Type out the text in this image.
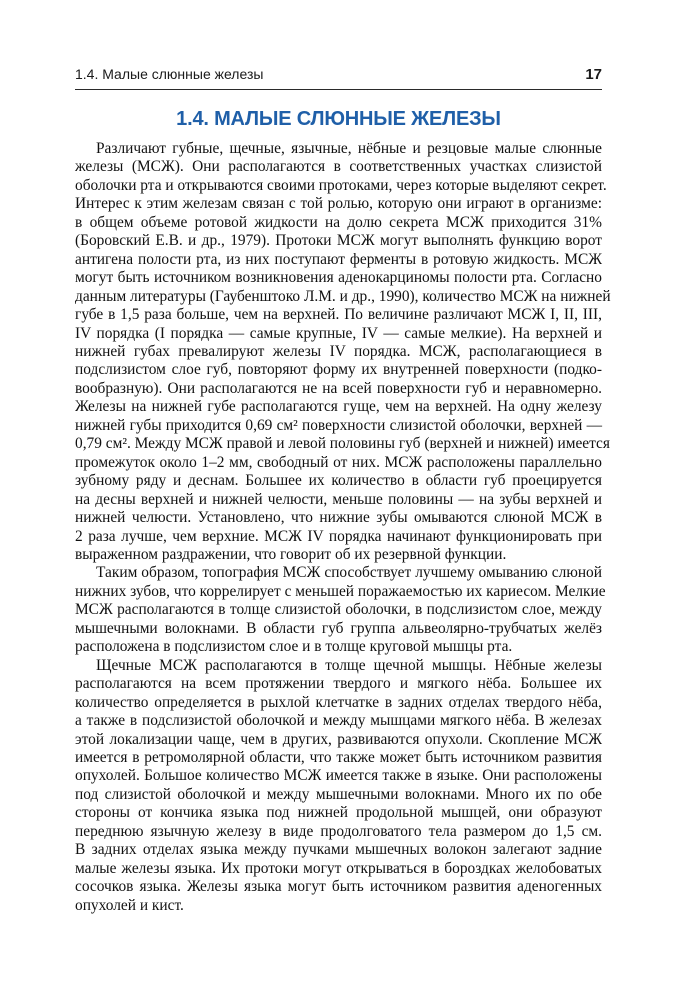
1.4. Малые слюнные железы	17
1.4. МАЛЫЕ СЛЮННЫЕ ЖЕЛЕЗЫ
Различают губные, щечные, язычные, нёбные и резцовые малые слюнные
железы (МСЖ). Они располагаются в соответственных участках слизистой
оболочки рта и открываются своими протоками, через которые выделяют секрет.
Интерес к этим железам связан с той ролью, которую они играют в организме:
в общем объеме ротовой жидкости на долю секрета МСЖ приходится 31%
(Боровский Е.В. и др., 1979). Протоки МСЖ могут выполнять функцию ворот
антигена полости рта, из них поступают ферменты в ротовую жидкость. МСЖ
могут быть источником возникновения аденокарциномы полости рта. Согласно
данным литературы (Гаубенштоко Л.М. и др., 1990), количество МСЖ на нижней
губе в 1,5 раза больше, чем на верхней. По величине различают МСЖ I, II, III,
IV порядка (I порядка — самые крупные, IV — самые мелкие). На верхней и
нижней губах превалируют железы IV порядка. МСЖ, располагающиеся в
подслизистом слое губ, повторяют форму их внутренней поверхности (подко-
вообразную). Они располагаются не на всей поверхности губ и неравномерно.
Железы на нижней губе располагаются гуще, чем на верхней. На одну железу
нижней губы приходится 0,69 см² поверхности слизистой оболочки, верхней —
0,79 см². Между МСЖ правой и левой половины губ (верхней и нижней) имеется
промежуток около 1–2 мм, свободный от них. МСЖ расположены параллельно
зубному ряду и деснам. Большее их количество в области губ проецируется
на десны верхней и нижней челюсти, меньше половины — на зубы верхней и
нижней челюсти. Установлено, что нижние зубы омываются слюной МСЖ в
2 раза лучше, чем верхние. МСЖ IV порядка начинают функционировать при
выраженном раздражении, что говорит об их резервной функции.
Таким образом, топография МСЖ способствует лучшему омыванию слюной
нижних зубов, что коррелирует с меньшей поражаемостью их кариесом. Мелкие
МСЖ располагаются в толще слизистой оболочки, в подслизистом слое, между
мышечными волокнами. В области губ группа альвеолярно-трубчатых желёз
расположена в подслизистом слое и в толще круговой мышцы рта.
Щечные МСЖ располагаются в толще щечной мышцы. Нёбные железы
располагаются на всем протяжении твердого и мягкого нёба. Большее их
количество определяется в рыхлой клетчатке в задних отделах твердого нёба,
а также в подслизистой оболочкой и между мышцами мягкого нёба. В железах
этой локализации чаще, чем в других, развиваются опухоли. Скопление МСЖ
имеется в ретромолярной области, что также может быть источником развития
опухолей. Большое количество МСЖ имеется также в языке. Они расположены
под слизистой оболочкой и между мышечными волокнами. Много их по обе
стороны от кончика языка под нижней продольной мышцей, они образуют
переднюю язычную железу в виде продолговатого тела размером до 1,5 см.
В задних отделах языка между пучками мышечных волокон залегают задние
малые железы языка. Их протоки могут открываться в бороздках желобоватых
сосочков языка. Железы языка могут быть источником развития аденогенных
опухолей и кист.
